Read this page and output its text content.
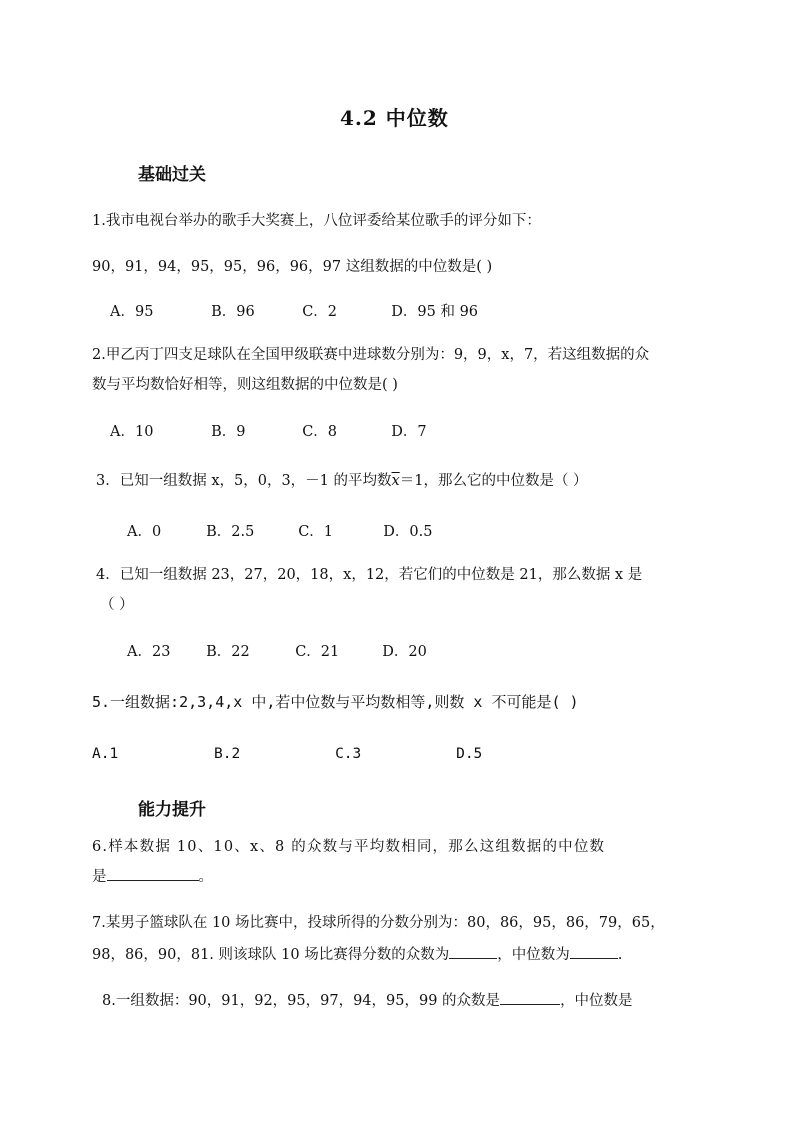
4.2 中位数
基础过关
1.我市电视台举办的歌手大奖赛上，八位评委给某位歌手的评分如下：
90，91，94，95，95，96，96，97 这组数据的中位数是( )
A．95	B．96	C．2	D．95 和 96
2.甲乙丙丁四支足球队在全国甲级联赛中进球数分别为：9，9，x，7，若这组数据的众
数与平均数恰好相等，则这组数据的中位数是( )
A．10	B．9	C．8	D．7
3．已知一组数据 x，5，0，3，－1 的平均数$\overline{x}=1$，那么它的中位数是（ ）
A．0	B．2.5	C．1	D．0.5
4．已知一组数据 23，27，20，18，x，12，若它们的中位数是 21，那么数据 x 是
（ ）
A．23 B．22	C．21	D．20
5.一组数据:2,3,4,x 中,若中位数与平均数相等,则数 x 不可能是( )
A.1	B.2	C.3	D.5
能力提升
6.样本数据 10、10、x、8 的众数与平均数相同，那么这组数据的中位数
是	。
7.某男子篮球队在 10 场比赛中，投球所得的分数分别为：80，86，95，86，79，65，
98，86，90，81. 则该球队 10 场比赛得分数的众数为	，中位数为	.
8.一组数据：90，91，92，95，97，94，95，99 的众数是	，中位数是
